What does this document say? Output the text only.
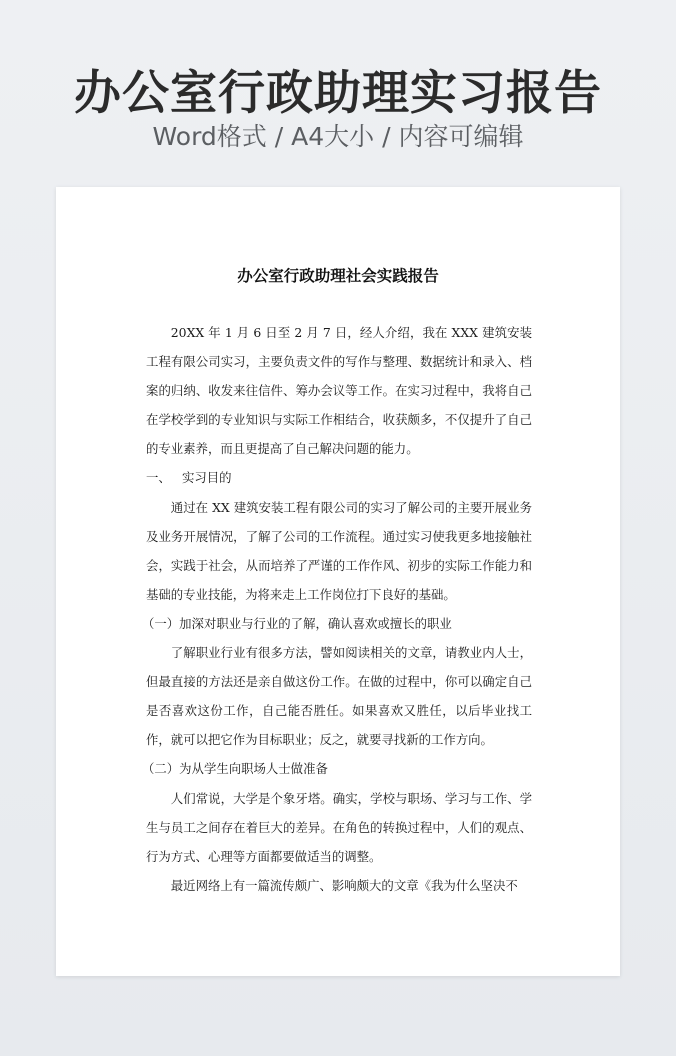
办公室行政助理实习报告
Word格式 / A4大小 / 内容可编辑
办公室行政助理社会实践报告

20XX 年 1 月 6 日至 2 月 7 日，经人介绍，我在 XXX 建筑安装工程有限公司实习，主要负责文件的写作与整理、数据统计和录入、档案的归纳、收发来往信件、筹办会议等工作。在实习过程中，我将自己在学校学到的专业知识与实际工作相结合，收获颇多，不仅提升了自己的专业素养，而且更提高了自己解决问题的能力。

一、 实习目的

通过在 XX 建筑安装工程有限公司的实习了解公司的主要开展业务及业务开展情况，了解了公司的工作流程。通过实习使我更多地接触社会，实践于社会，从而培养了严谨的工作作风、初步的实际工作能力和基础的专业技能，为将来走上工作岗位打下良好的基础。

（一）加深对职业与行业的了解，确认喜欢或擅长的职业

了解职业行业有很多方法，譬如阅读相关的文章，请教业内人士，但最直接的方法还是亲自做这份工作。在做的过程中，你可以确定自己是否喜欢这份工作，自己能否胜任。如果喜欢又胜任，以后毕业找工作，就可以把它作为目标职业；反之，就要寻找新的工作方向。

（二）为从学生向职场人士做准备

人们常说，大学是个象牙塔。确实，学校与职场、学习与工作、学生与员工之间存在着巨大的差异。在角色的转换过程中，人们的观点、行为方式、心理等方面都要做适当的调整。

最近网络上有一篇流传颇广、影响颇大的文章《我为什么坚决不
